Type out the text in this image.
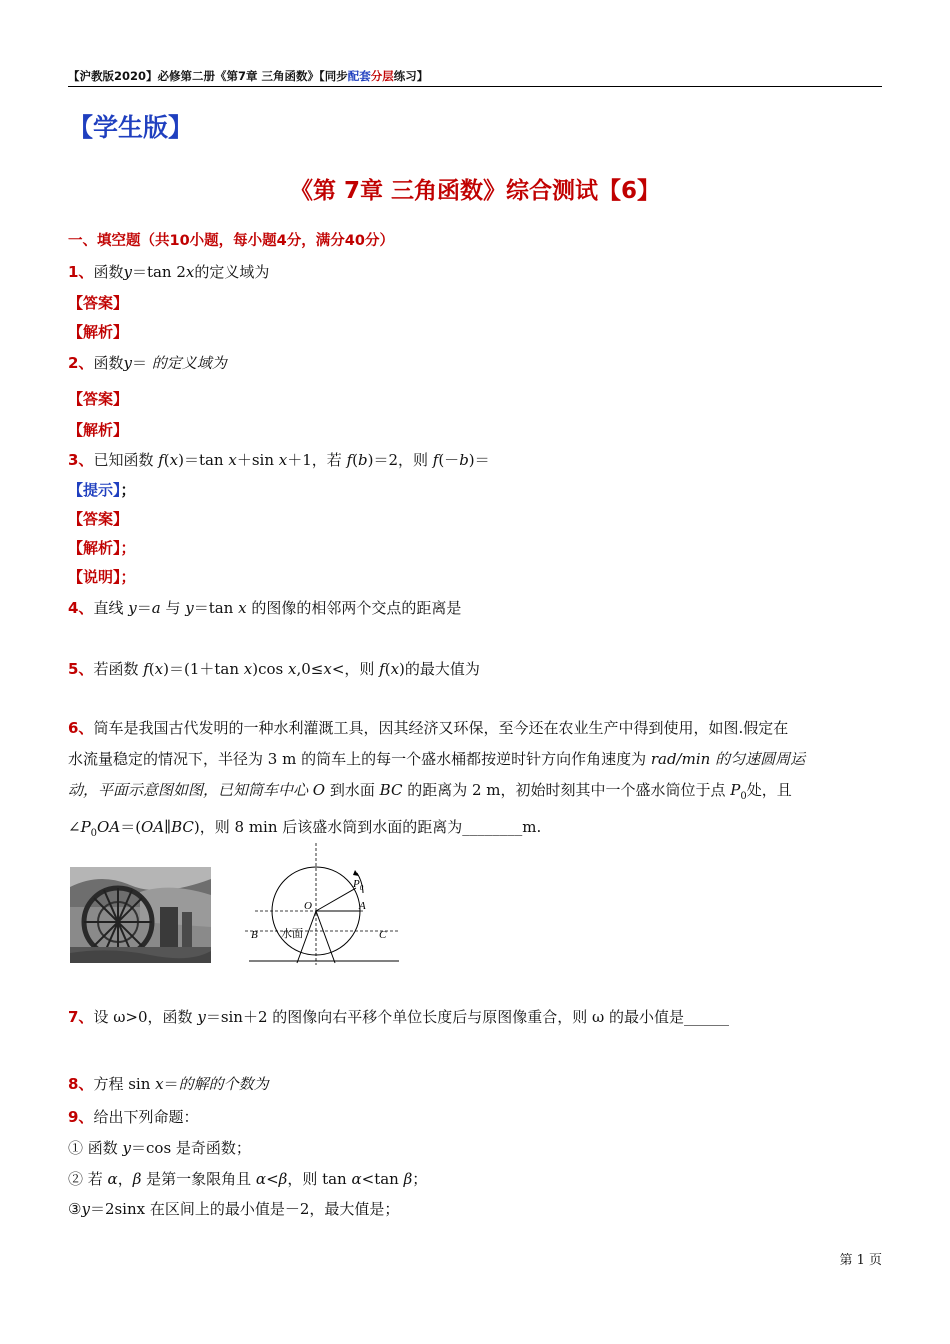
【沪教版2020】必修第二册《第7章 三角函数》【同步配套分层练习】
【学生版】
《第 7章 三角函数》综合测试【6】
一、填空题（共10小题，每小题4分，满分40分）
1、函数y＝tan 2x的定义域为
【答案】
【解析】
2、函数y＝ 的定义域为
【答案】
【解析】
3、已知函数 f(x)＝tan x＋sin x＋1，若 f(b)＝2，则 f(－b)＝
【提示】；
【答案】
【解析】；
【说明】；
4、直线 y＝a 与 y＝tan x 的图像的相邻两个交点的距离是
5、若函数 f(x)＝(1＋tan x)cos x,0≤x<，则 f(x)的最大值为
6、筒车是我国古代发明的一种水利灌溉工具，因其经济又环保，至今还在农业生产中得到使用，如图.假定在
水流量稳定的情况下，半径为 3 m 的筒车上的每一个盛水桶都按逆时针方向作角速度为 rad/min 的匀速圆周运
动，平面示意图如图，已知筒车中心 O 到水面 BC 的距离为 2 m，初始时刻其中一个盛水筒位于点 $P_0$处，且
$\angle P_0OA=(OA\parallel BC)$，则 8 min 后该盛水筒到水面的距离为________m.
$P_0$
O	A
B	C
水面
7、设 ω>0，函数 y＝sin＋2 的图像向右平移个单位长度后与原图像重合，则 ω 的最小值是______
8、方程 sin x＝的解的个数为
9、给出下列命题：
① 函数 y＝cos 是奇函数；
② 若 α，β 是第一象限角且 α<β，则 tan α<tan β；
③y＝2sinx 在区间上的最小值是－2，最大值是；
第 1 页
